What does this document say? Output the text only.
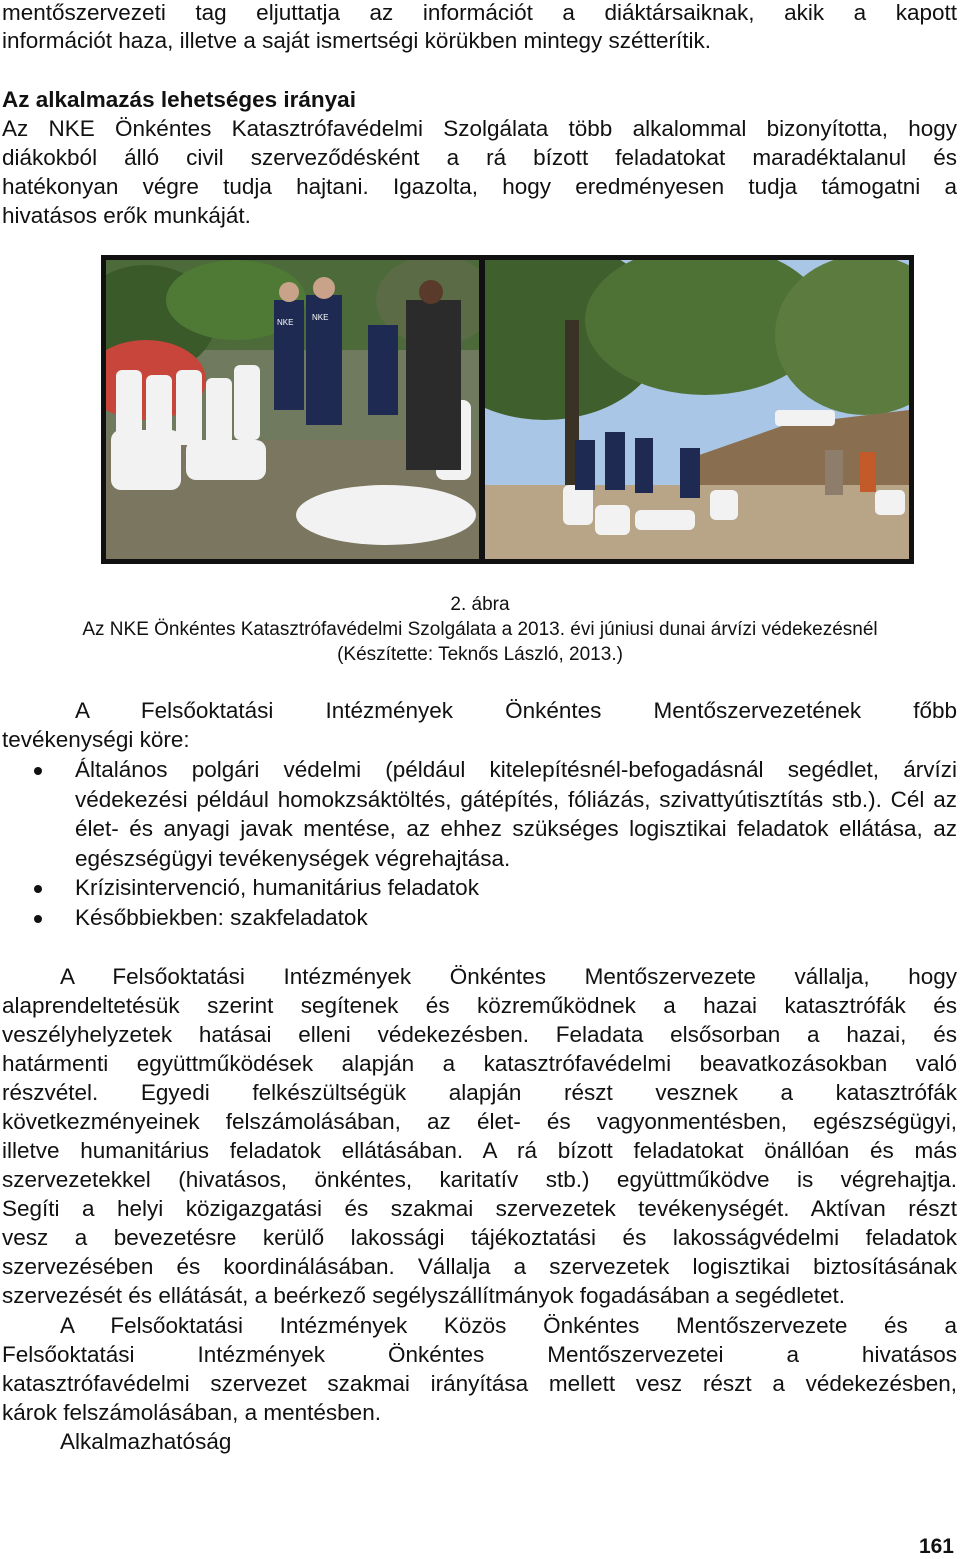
mentőszervezeti tag eljuttatja az információt a diáktársaiknak, akik a kapott

információt haza, illetve a saját ismertségi körükben mintegy szétterítik.

Az alkalmazás lehetséges irányai

Az NKE Önkéntes Katasztrófavédelmi Szolgálata több alkalommal bizonyította, hogy

diákokból álló civil szerveződésként a rá bízott feladatokat maradéktalanul és

hatékonyan végre tudja hajtani. Igazolta, hogy eredményesen tudja támogatni a

hivatásos erők munkáját.

NKE
NKE
2. ábra
Az NKE Önkéntes Katasztrófavédelmi Szolgálata a 2013. évi júniusi dunai árvízi védekezésnél
(Készítette: Teknős László, 2013.)

A Felsőoktatási Intézmények Önkéntes Mentőszervezetének főbb

tevékenységi köre:

Általános polgári védelmi (például kitelepítésnél-befogadásnál segédlet, árvízi védekezési például homokzsáktöltés, gátépítés, fóliázás, szivattyútisztítás stb.). Cél az élet- és anyagi javak mentése, az ehhez szükséges logisztikai feladatok ellátása, az egészségügyi tevékenységek végrehajtása.
Krízisintervenció, humanitárius feladatok
Későbbiekben: szakfeladatok

A Felsőoktatási Intézmények Önkéntes Mentőszervezete vállalja, hogy

alaprendeltetésük szerint segítenek és közreműködnek a hazai katasztrófák és

veszélyhelyzetek hatásai elleni védekezésben. Feladata elsősorban a hazai, és

határmenti együttműködések alapján a katasztrófavédelmi beavatkozásokban való

részvétel. Egyedi felkészültségük alapján részt vesznek a katasztrófák

következményeinek felszámolásában, az élet- és vagyonmentésben, egészségügyi,

illetve humanitárius feladatok ellátásában. A rá bízott feladatokat önállóan és más

szervezetekkel (hivatásos, önkéntes, karitatív stb.) együttműködve is végrehajtja.

Segíti a helyi közigazgatási és szakmai szervezetek tevékenységét. Aktívan részt

vesz a bevezetésre kerülő lakossági tájékoztatási és lakosságvédelmi feladatok

szervezésében és koordinálásában. Vállalja a szervezetek logisztikai biztosításának

szervezését és ellátását, a beérkező segélyszállítmányok fogadásában a segédletet.

A Felsőoktatási Intézmények Közös Önkéntes Mentőszervezete és a

Felsőoktatási Intézmények Önkéntes Mentőszervezetei a hivatásos

katasztrófavédelmi szervezet szakmai irányítása mellett vesz részt a védekezésben,

károk felszámolásában, a mentésben.

Alkalmazhatóság

161
